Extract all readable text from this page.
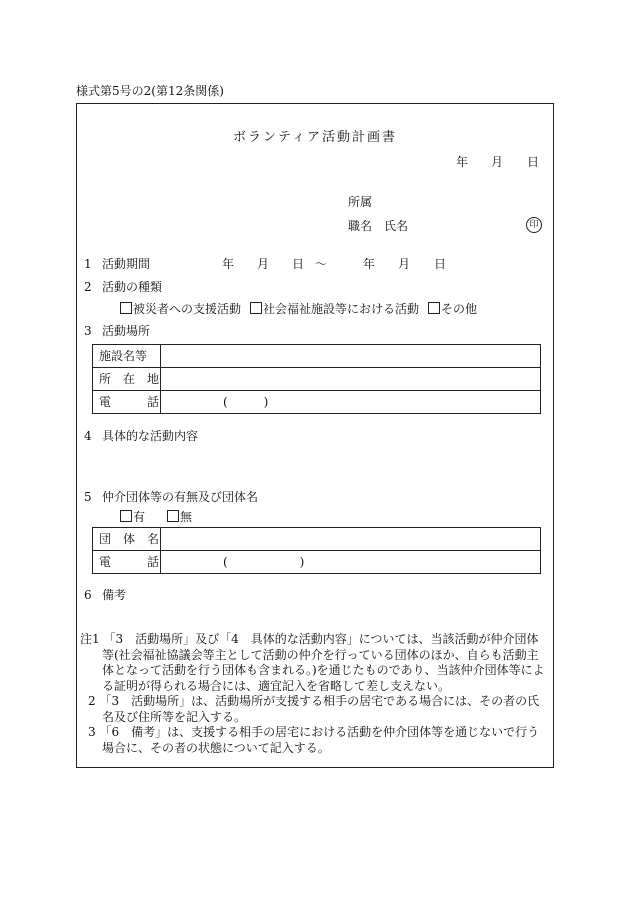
様式第5号の2(第12条関係)
ボランティア活動計画書
年 月 日
所属
職名　氏名	印
1 活動期間	年 月 日 ～	年 月 日
2 活動の種類
被災者への支援活動	社会福祉施設等における活動	その他
3 活動場所
施設名等	
所　在　地	
電　　　話	(　　　)
4 具体的な活動内容
5 仲介団体等の有無及び団体名
有	無
団　体　名	
電　　　話	(　　　　　　)
6 備考
注1 「3　活動場所」及び「4　具体的な活動内容」については、当該活動が仲介団体等(社会福祉協議会等主として活動の仲介を行っている団体のほか、自らも活動主体となって活動を行う団体も含まれる。)を通じたものであり、当該仲介団体等による証明が得られる場合には、適宜記入を省略して差し支えない。
2 「3　活動場所」は、活動場所が支援する相手の居宅である場合には、その者の氏名及び住所等を記入する。
3 「6　備考」は、支援する相手の居宅における活動を仲介団体等を通じないで行う場合に、その者の状態について記入する。
